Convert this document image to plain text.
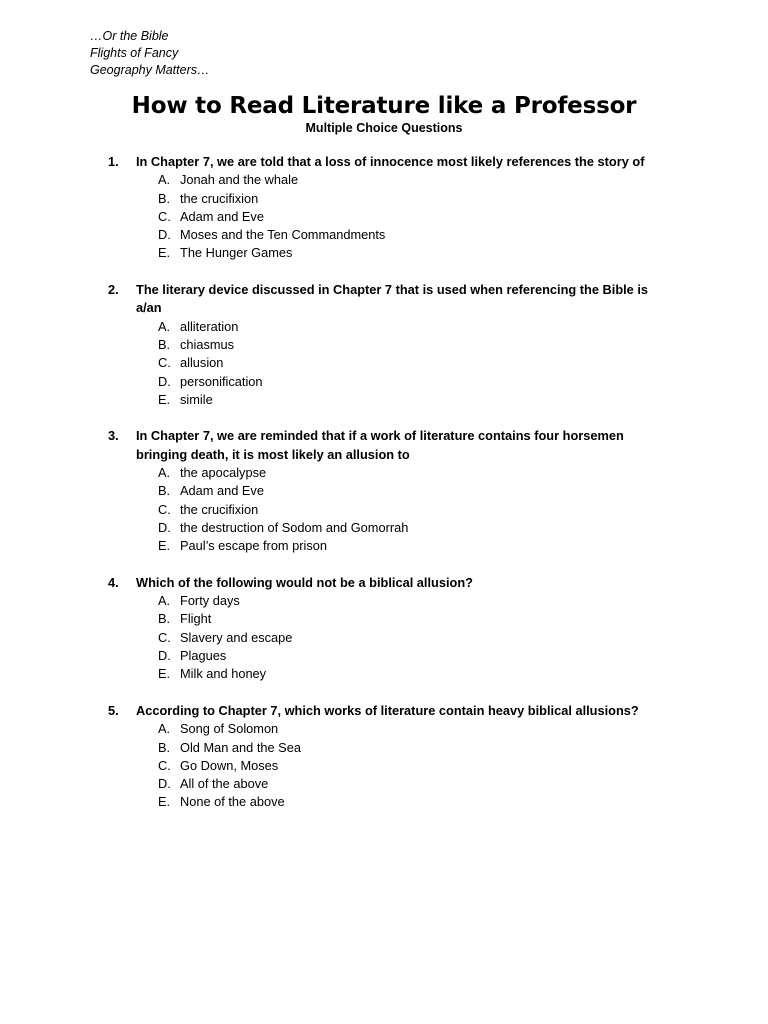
…Or the Bible
Flights of Fancy
Geography Matters…
How to Read Literature like a Professor
Multiple Choice Questions
1.	In Chapter 7, we are told that a loss of innocence most likely references the story of
A. Jonah and the whale
B. the crucifixion
C. Adam and Eve
D. Moses and the Ten Commandments
E. The Hunger Games
2.	The literary device discussed in Chapter 7 that is used when referencing the Bible is a/an
A. alliteration
B. chiasmus
C. allusion
D. personification
E. simile
3.	In Chapter 7, we are reminded that if a work of literature contains four horsemen bringing death, it is most likely an allusion to
A. the apocalypse
B. Adam and Eve
C. the crucifixion
D. the destruction of Sodom and Gomorrah
E. Paul’s escape from prison
4.	Which of the following would not be a biblical allusion?
A. Forty days
B. Flight
C. Slavery and escape
D. Plagues
E. Milk and honey
5.	According to Chapter 7, which works of literature contain heavy biblical allusions?
A. Song of Solomon
B. Old Man and the Sea
C. Go Down, Moses
D. All of the above
E. None of the above
